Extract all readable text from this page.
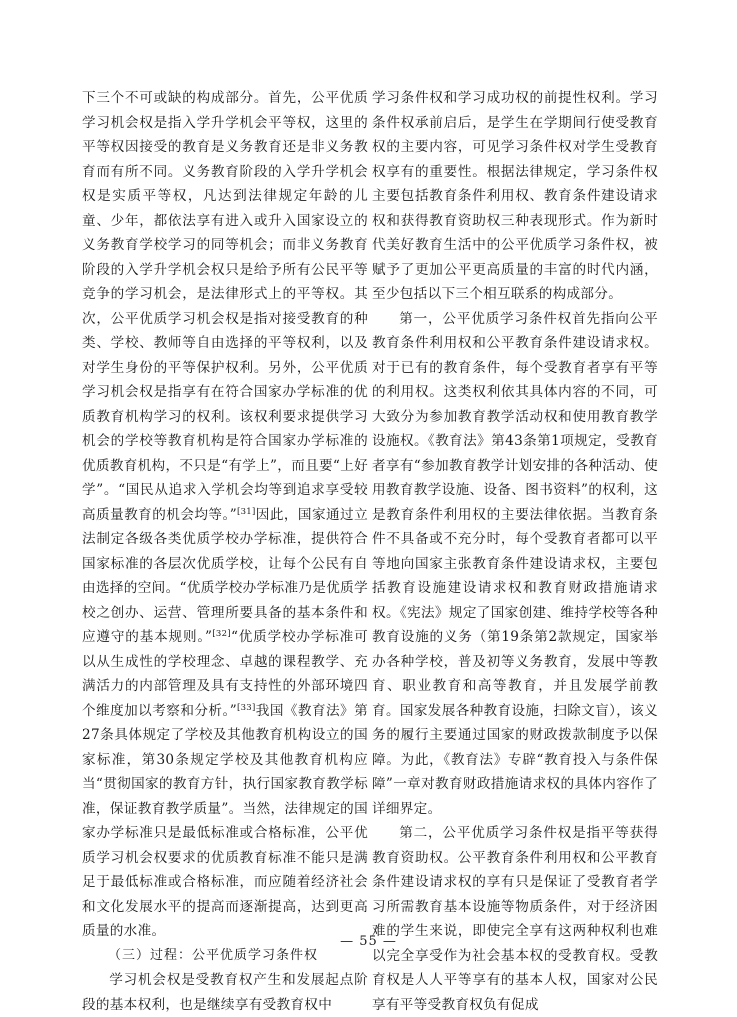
下三个不可或缺的构成部分。首先，公平优质学习机会权是指入学升学机会平等权，这里的平等权因接受的教育是义务教育还是非义务教育而有所不同。义务教育阶段的入学升学机会权是实质平等权，凡达到法律规定年龄的儿童、少年，都依法享有进入或升入国家设立的义务教育学校学习的同等机会；而非义务教育阶段的入学升学机会权只是给予所有公民平等竞争的学习机会，是法律形式上的平等权。其次，公平优质学习机会权是指对接受教育的种类、学校、教师等自由选择的平等权利，以及对学生身份的平等保护权利。另外，公平优质学习机会权是指享有在符合国家办学标准的优质教育机构学习的权利。该权利要求提供学习机会的学校等教育机构是符合国家办学标准的优质教育机构，不只是“有学上”，而且要“上好学”。“国民从追求入学机会均等到追求享受较高质量教育的机会均等。”[31]因此，国家通过立法制定各级各类优质学校办学标准，提供符合国家标准的各层次优质学校，让每个公民有自由选择的空间。“优质学校办学标准乃是优质学校之创办、运营、管理所要具备的基本条件和应遵守的基本规则。”[32]“优质学校办学标准可以从生成性的学校理念、卓越的课程教学、充满活力的内部管理及具有支持性的外部环境四个维度加以考察和分析。”[33]我国《教育法》第27条具体规定了学校及其他教育机构设立的国家标准，第30条规定学校及其他教育机构应当“贯彻国家的教育方针，执行国家教育教学标准，保证教育教学质量”。当然，法律规定的国家办学标准只是最低标准或合格标准，公平优质学习机会权要求的优质教育标准不能只是满足于最低标准或合格标准，而应随着经济社会和文化发展水平的提高而逐渐提高，达到更高质量的水准。

（三）过程：公平优质学习条件权

学习机会权是受教育权产生和发展起点阶段的基本权利，也是继续享有受教育权中

学习条件权和学习成功权的前提性权利。学习条件权承前启后，是学生在学期间行使受教育权的主要内容，可见学习条件权对学生受教育权享有的重要性。根据法律规定，学习条件权主要包括教育条件利用权、教育条件建设请求权和获得教育资助权三种表现形式。作为新时代美好教育生活中的公平优质学习条件权，被赋予了更加公平更高质量的丰富的时代内涵，至少包括以下三个相互联系的构成部分。

第一，公平优质学习条件权首先指向公平教育条件利用权和公平教育条件建设请求权。对于已有的教育条件，每个受教育者享有平等的利用权。这类权利依其具体内容的不同，可大致分为参加教育教学活动权和使用教育教学设施权。《教育法》第43条第1项规定，受教育者享有“参加教育教学计划安排的各种活动、使用教育教学设施、设备、图书资料”的权利，这是教育条件利用权的主要法律依据。当教育条件不具备或不充分时，每个受教育者都可以平等地向国家主张教育条件建设请求权，主要包括教育设施建设请求权和教育财政措施请求权。《宪法》规定了国家创建、维持学校等各种教育设施的义务（第19条第2款规定，国家举办各种学校，普及初等义务教育，发展中等教育、职业教育和高等教育，并且发展学前教育。国家发展各种教育设施，扫除文盲），该义务的履行主要通过国家的财政拨款制度予以保障。为此，《教育法》专辟“教育投入与条件保障”一章对教育财政措施请求权的具体内容作了详细界定。

第二，公平优质学习条件权是指平等获得教育资助权。公平教育条件利用权和公平教育条件建设请求权的享有只是保证了受教育者学习所需教育基本设施等物质条件，对于经济困难的学生来说，即使完全享有这两种权利也难以完全享受作为社会基本权的受教育权。受教育权是人人平等享有的基本人权，国家对公民享有平等受教育权负有促成

— 55 —
